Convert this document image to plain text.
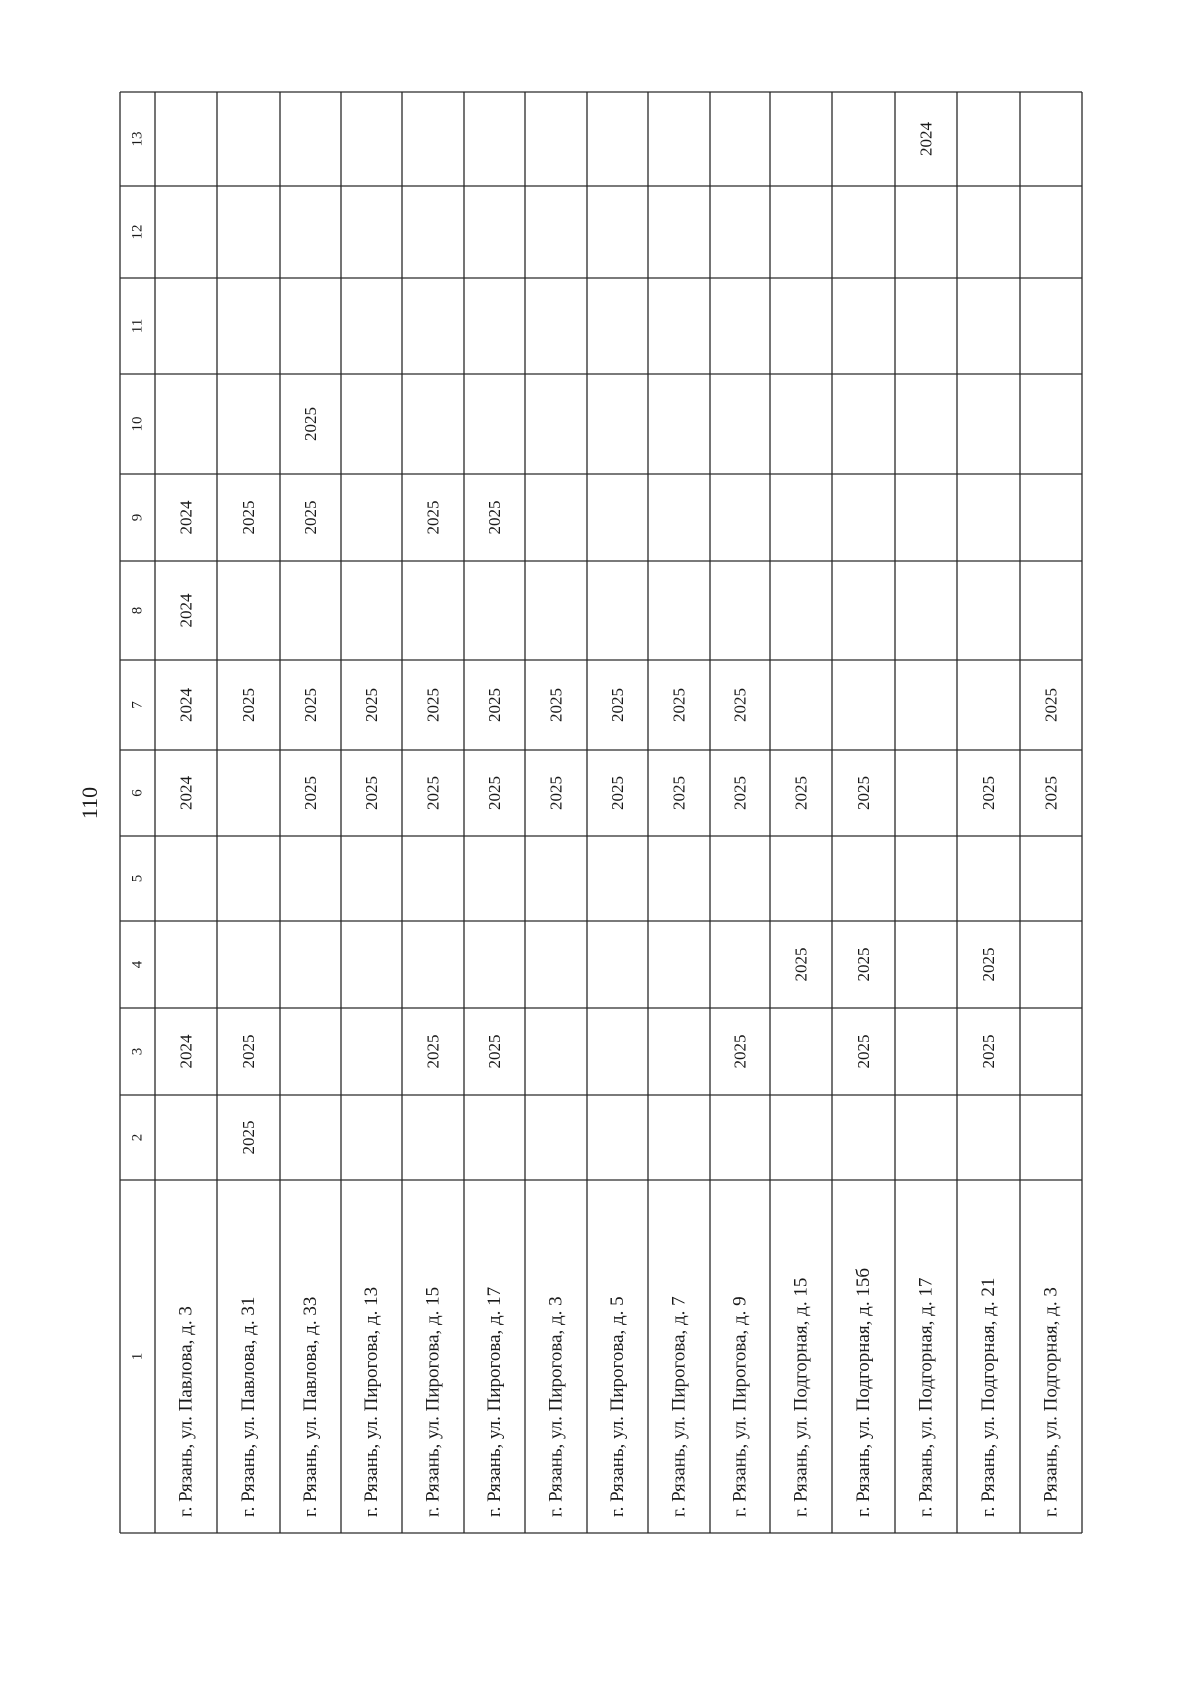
110
1
2
3
4
5
6
7
8
9
10
11
12
13
г. Рязань, ул. Павлова, д. 3
2024
2024
2024
2024
2024
г. Рязань, ул. Павлова, д. 31
2025
2025
2025
2025
г. Рязань, ул. Павлова, д. 33
2025
2025
2025
2025
г. Рязань, ул. Пирогова, д. 13
2025
2025
г. Рязань, ул. Пирогова, д. 15
2025
2025
2025
2025
г. Рязань, ул. Пирогова, д. 17
2025
2025
2025
2025
г. Рязань, ул. Пирогова, д. 3
2025
2025
г. Рязань, ул. Пирогова, д. 5
2025
2025
г. Рязань, ул. Пирогова, д. 7
2025
2025
г. Рязань, ул. Пирогова, д. 9
2025
2025
2025
г. Рязань, ул. Подгорная, д. 15
2025
2025
г. Рязань, ул. Подгорная, д. 15б
2025
2025
2025
г. Рязань, ул. Подгорная, д. 17
2024
г. Рязань, ул. Подгорная, д. 21
2025
2025
2025
г. Рязань, ул. Подгорная, д. 3
2025
2025
